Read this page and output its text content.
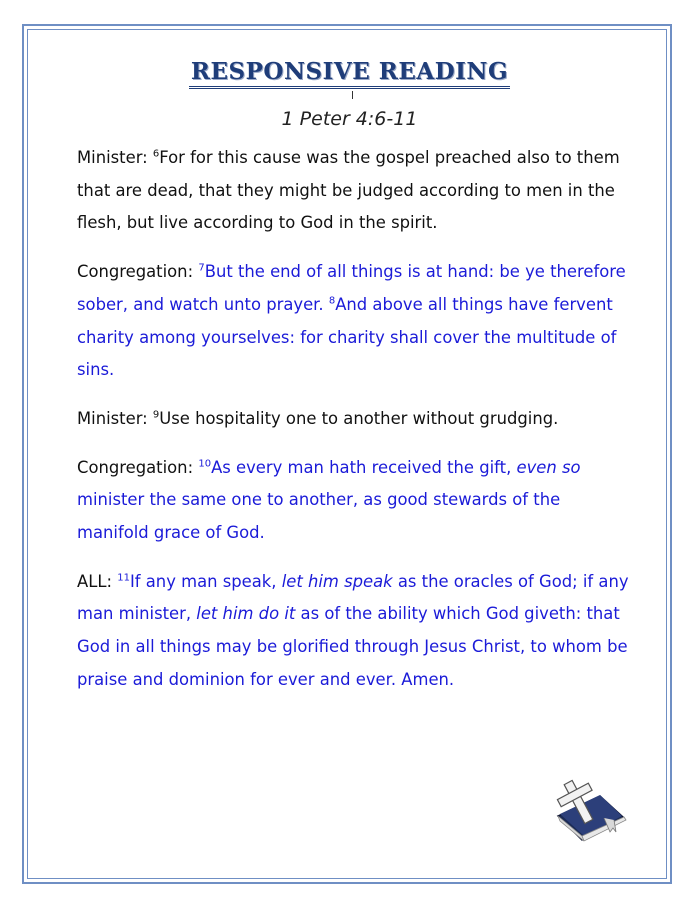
RESPONSIVE READING
1 Peter 4:6-11

Minister: $^6$For for this cause was the gospel preached also to them that are dead, that they might be judged according to men in the flesh, but live according to God in the spirit.

Congregation: $^7$But the end of all things is at hand: be ye therefore sober, and watch unto prayer. $^8$And above all things have fervent charity among yourselves: for charity shall cover the multitude of sins.

Minister: $^9$Use hospitality one to another without grudging.

Congregation: $^{10}$As every man hath received the gift, even so minister the same one to another, as good stewards of the manifold grace of God.

ALL: $^{11}$If any man speak, let him speak as the oracles of God; if any man minister, let him do it as of the ability which God giveth: that God in all things may be glorified through Jesus Christ, to whom be praise and dominion for ever and ever. Amen.
